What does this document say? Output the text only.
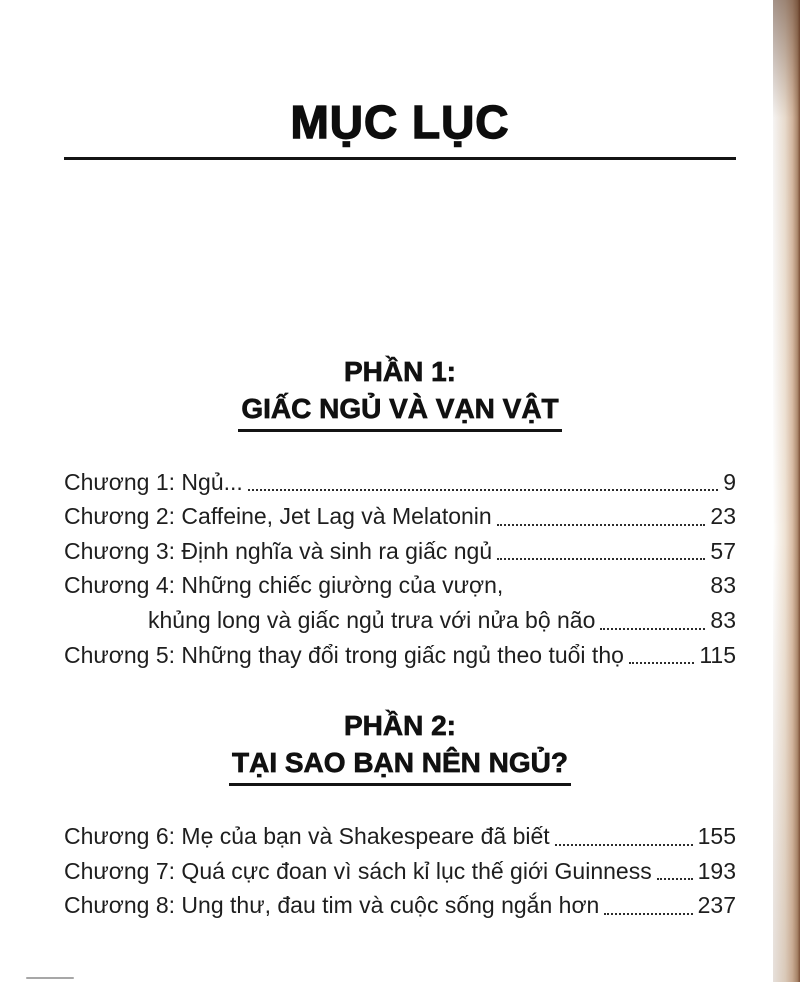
MỤC LỤC
PHẦN 1:
GIẤC NGỦ VÀ VẠN VẬT
Chương 1: Ngủ...	9
Chương 2: Caffeine, Jet Lag và Melatonin	23
Chương 3: Định nghĩa và sinh ra giấc ngủ	57
Chương 4: Những chiếc giường của vượn,	83
khủng long và giấc ngủ trưa với nửa bộ não	83
Chương 5: Những thay đổi trong giấc ngủ theo tuổi thọ	115
PHẦN 2:
TẠI SAO BẠN NÊN NGỦ?
Chương 6: Mẹ của bạn và Shakespeare đã biết	155
Chương 7: Quá cực đoan vì sách kỉ lục thế giới Guinness 193
Chương 8: Ung thư, đau tim và cuộc sống ngắn hơn	237
